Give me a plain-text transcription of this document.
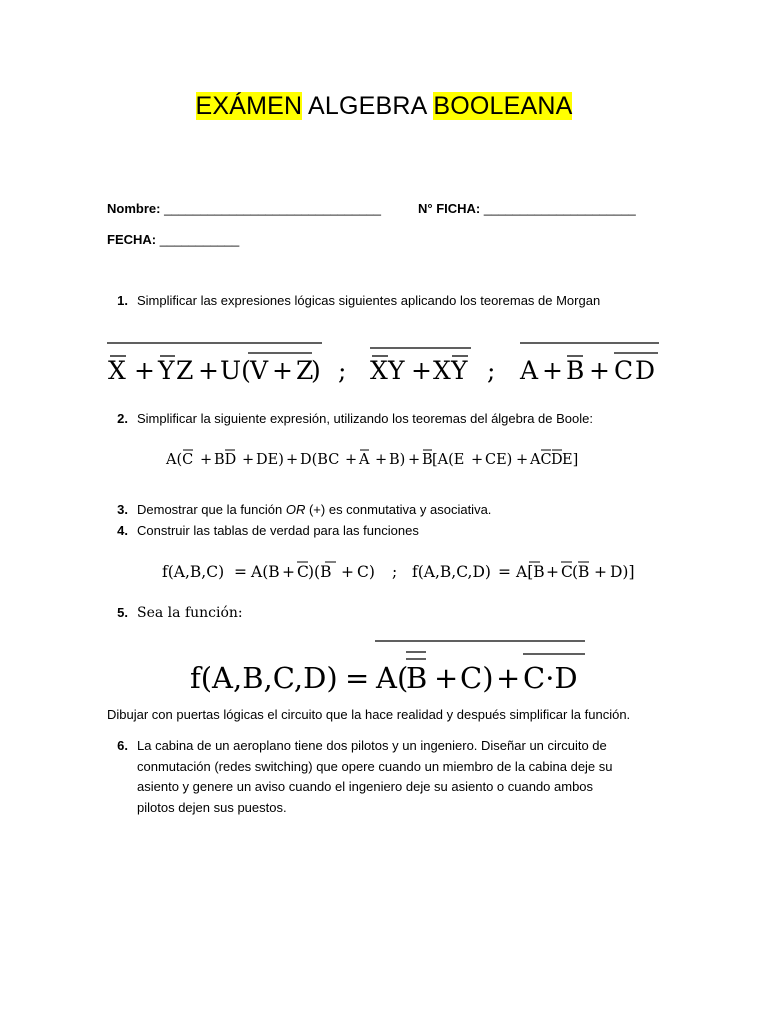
EXÁMEN ALGEBRA BOOLEANA
Nombre: ______________________________	N° FICHA: _____________________
FECHA: ___________
1. Simplificar las expresiones lógicas siguientes aplicando los teoremas de Morgan
X + Y Z + U( V + Z
) ; X Y + X Y ; A + B + C D
2. Simplificar la siguiente expresión, utilizando los teoremas del álgebra de Boole:
A(C + BD + DE) + D(BC + A + B) + B [A(E + CE) + AC D E]
3. Demostrar que la función OR (+) es conmutativa y asociativa.
4. Construir las tablas de verdad para las funciones
f(A,B,C) = A(B + C )(B + C) ; f(A,B,C,D) = A[B + C (B + D)]
5. Sea la función:
f(A,B,C,D) = A(
B + C) + C·D
Dibujar con puertas lógicas el circuito que la hace realidad y después simplificar la función.
6. La cabina de un aeroplano tiene dos pilotos y un ingeniero. Diseñar un circuito de
conmutación (redes switching) que opere cuando un miembro de la cabina deje su
asiento y genere un aviso cuando el ingeniero deje su asiento o cuando ambos
pilotos dejen sus puestos.
